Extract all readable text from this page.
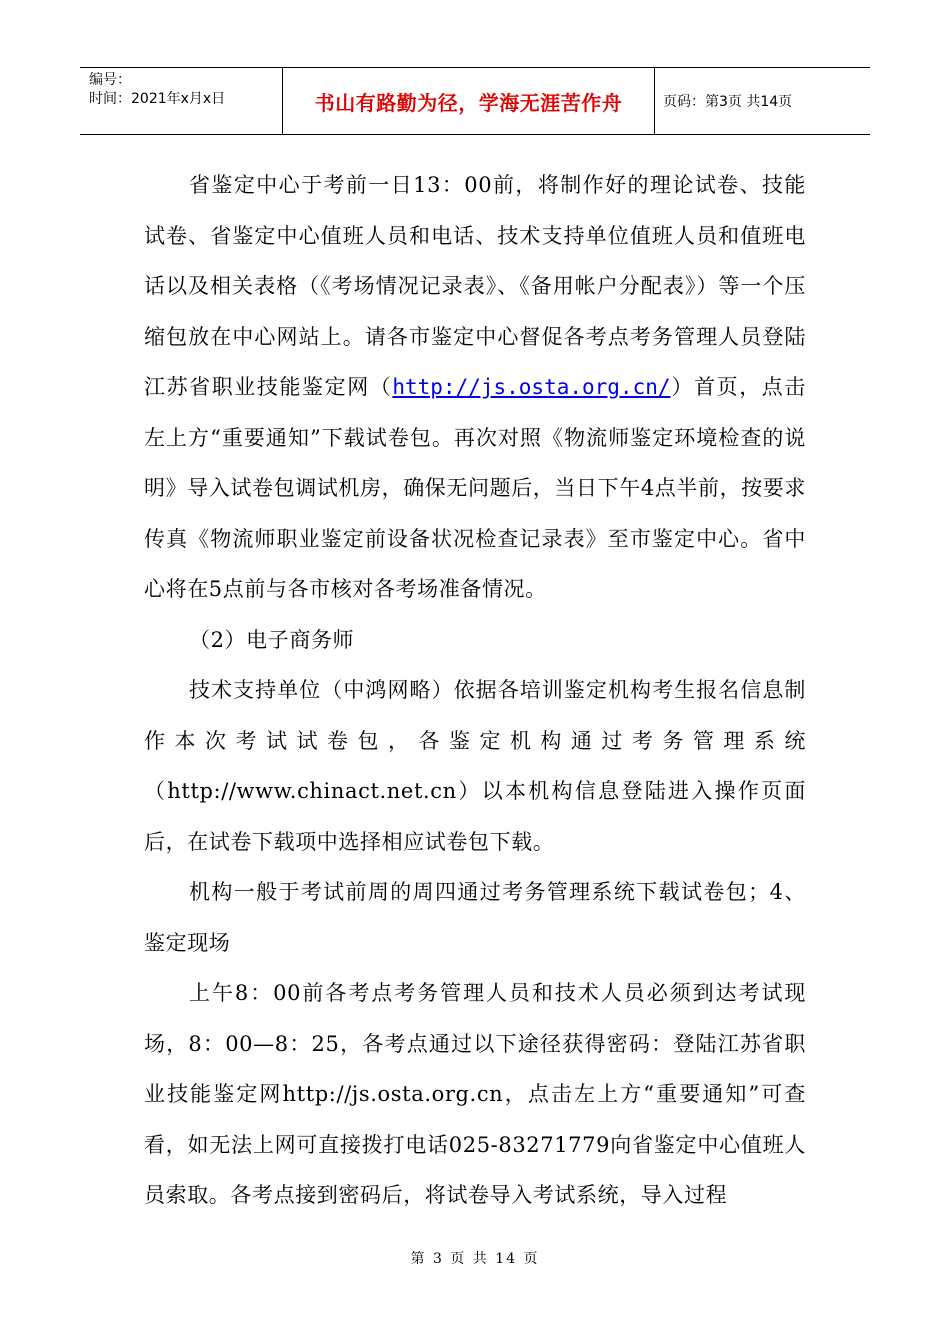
编号：
时间：2021年x月x日	书山有路勤为径，学海无涯苦作舟	页码：第3页 共14页

省鉴定中心于考前一日13：00前，将制作好的理论试卷、技能试卷、省鉴定中心值班人员和电话、技术支持单位值班人员和值班电话以及相关表格（《考场情况记录表》、《备用帐户分配表》）等一个压缩包放在中心网站上。请各市鉴定中心督促各考点考务管理人员登陆江苏省职业技能鉴定网（http://js.osta.org.cn/）首页，点击左上方“重要通知”下载试卷包。再次对照《物流师鉴定环境检查的说明》导入试卷包调试机房，确保无问题后，当日下午4点半前，按要求传真《物流师职业鉴定前设备状况检查记录表》至市鉴定中心。省中心将在5点前与各市核对各考场准备情况。

（2）电子商务师

技术支持单位（中鸿网略）依据各培训鉴定机构考生报名信息制作本次考试试卷包，各鉴定机构通过考务管理系统（http://www.chinact.net.cn）以本机构信息登陆进入操作页面后，在试卷下载项中选择相应试卷包下载。

机构一般于考试前周的周四通过考务管理系统下载试卷包；4、鉴定现场

上午8：00前各考点考务管理人员和技术人员必须到达考试现场，8：00—8：25，各考点通过以下途径获得密码：登陆江苏省职业技能鉴定网http://js.osta.org.cn，点击左上方“重要通知”可查看，如无法上网可直接拨打电话025-83271779向省鉴定中心值班人员索取。各考点接到密码后，将试卷导入考试系统，导入过程

第 3 页 共 14 页
